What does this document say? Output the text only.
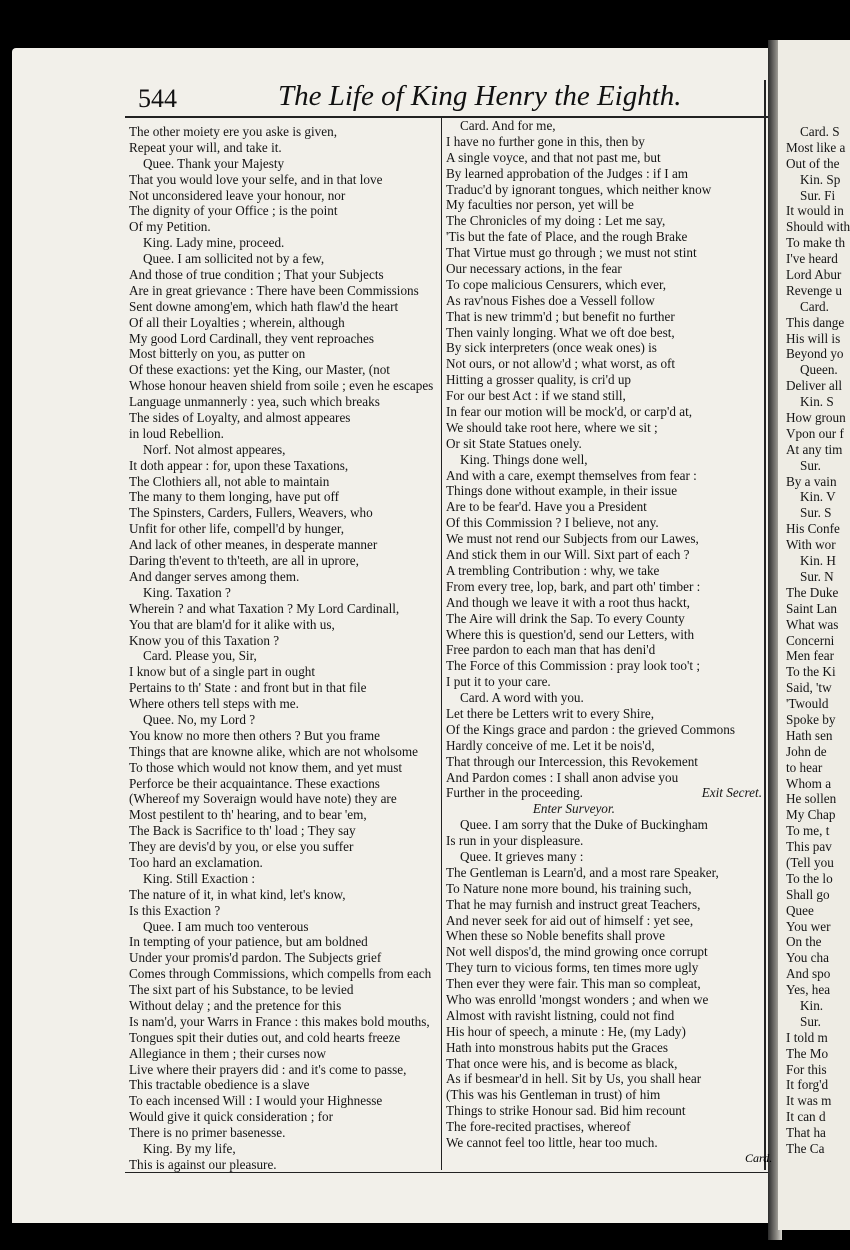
544	The Life of King Henry the Eighth.
The other moiety ere you aske is given,
Repeat your will, and take it.
Quee. Thank your Majesty
That you would love your selfe, and in that love
Not unconsidered leave your honour, nor
The dignity of your Office ; is the point
Of my Petition.
King. Lady mine, proceed.
Quee. I am sollicited not by a few,
And those of true condition ; That your Subjects
Are in great grievance : There have been Commissions
Sent downe among'em, which hath flaw'd the heart
Of all their Loyalties ; wherein, although
My good Lord Cardinall, they vent reproaches
Most bitterly on you, as putter on
Of these exactions: yet the King, our Master, (not
Whose honour heaven shield from soile ; even he escapes
Language unmannerly : yea, such which breaks
The sides of Loyalty, and almost appeares
in loud Rebellion.
Norf. Not almost appeares,
It doth appear : for, upon these Taxations,
The Clothiers all, not able to maintain
The many to them longing, have put off
The Spinsters, Carders, Fullers, Weavers, who
Unfit for other life, compell'd by hunger,
And lack of other meanes, in desperate manner
Daring th'event to th'teeth, are all in uprore,
And danger serves among them.
King. Taxation ?
Wherein ? and what Taxation ? My Lord Cardinall,
You that are blam'd for it alike with us,
Know you of this Taxation ?
Card. Please you, Sir,
I know but of a single part in ought
Pertains to th' State : and front but in that file
Where others tell steps with me.
Quee. No, my Lord ?
You know no more then others ? But you frame
Things that are knowne alike, which are not wholsome
To those which would not know them, and yet must
Perforce be their acquaintance. These exactions
(Whereof my Soveraign would have note) they are
Most pestilent to th' hearing, and to bear 'em,
The Back is Sacrifice to th' load ; They say
They are devis'd by you, or else you suffer
Too hard an exclamation.
King. Still Exaction :
The nature of it, in what kind, let's know,
Is this Exaction ?
Quee. I am much too venterous
In tempting of your patience, but am boldned
Under your promis'd pardon. The Subjects grief
Comes through Commissions, which compells from each
The sixt part of his Substance, to be levied
Without delay ; and the pretence for this
Is nam'd, your Warrs in France : this makes bold mouths,
Tongues spit their duties out, and cold hearts freeze
Allegiance in them ; their curses now
Live where their prayers did : and it's come to passe,
This tractable obedience is a slave
To each incensed Will : I would your Highnesse
Would give it quick consideration ; for
There is no primer basenesse.
King. By my life,
This is against our pleasure.
Card. And for me,
I have no further gone in this, then by
A single voyce, and that not past me, but
By learned approbation of the Judges : if I am
Traduc'd by ignorant tongues, which neither know
My faculties nor person, yet will be
The Chronicles of my doing : Let me say,
'Tis but the fate of Place, and the rough Brake
That Virtue must go through ; we must not stint
Our necessary actions, in the fear
To cope malicious Censurers, which ever,
As rav'nous Fishes doe a Vessell follow
That is new trimm'd ; but benefit no further
Then vainly longing. What we oft doe best,
By sick interpreters (once weak ones) is
Not ours, or not allow'd ; what worst, as oft
Hitting a grosser quality, is cri'd up
For our best Act : if we stand still,
In fear our motion will be mock'd, or carp'd at,
We should take root here, where we sit ;
Or sit State Statues onely.
King. Things done well,
And with a care, exempt themselves from fear :
Things done without example, in their issue
Are to be fear'd. Have you a President
Of this Commission ? I believe, not any.
We must not rend our Subjects from our Lawes,
And stick them in our Will. Sixt part of each ?
A trembling Contribution : why, we take
From every tree, lop, bark, and part oth' timber :
And though we leave it with a root thus hackt,
The Aire will drink the Sap. To every County
Where this is question'd, send our Letters, with
Free pardon to each man that has deni'd
The Force of this Commission : pray look too't ;
I put it to your care.
Card. A word with you.
Let there be Letters writ to every Shire,
Of the Kings grace and pardon : the grieved Commons
Hardly conceive of me. Let it be nois'd,
That through our Intercession, this Revokement
And Pardon comes : I shall anon advise you
Further in the proceeding.	Exit Secret.
Enter Surveyor.
Quee. I am sorry that the Duke of Buckingham
Is run in your displeasure.
Quee. It grieves many :
The Gentleman is Learn'd, and a most rare Speaker,
To Nature none more bound, his training such,
That he may furnish and instruct great Teachers,
And never seek for aid out of himself : yet see,
When these so Noble benefits shall prove
Not well dispos'd, the mind growing once corrupt
They turn to vicious forms, ten times more ugly
Then ever they were fair. This man so compleat,
Who was enrolld 'mongst wonders ; and when we
Almost with ravisht listning, could not find
His hour of speech, a minute : He, (my Lady)
Hath into monstrous habits put the Graces
That once were his, and is become as black,
As if besmear'd in hell. Sit by Us, you shall hear
(This was his Gentleman in trust) of him
Things to strike Honour sad. Bid him recount
The fore-recited practises, whereof
We cannot feel too little, hear too much.
Card.
Card. S
Most like a
Out of the
Kin. Sp
Sur. Fi
It would in
Should with
To make th
I've heard
Lord Abur
Revenge u
Card.
This dange
His will is
Beyond yo
Queen.
Deliver all
Kin. S
How groun
Vpon our f
At any tim
Sur.
By a vain
Kin. V
Sur. S
His Confe
With wor
Kin. H
Sur. N
The Duke
Saint Lan
What was
Concerni
Men fear
To the Ki
Said, 'tw
'Twould
Spoke by
Hath sen
John de
to hear
Whom a
He sollen
My Chap
To me, t
This pav
(Tell you
To the lo
Shall go
Quee
You wer
On the
You cha
And spo
Yes, hea
Kin.
Sur.
I told m
The Mo
For this
It forg'd
It was m
It can d
That ha
The Ca
